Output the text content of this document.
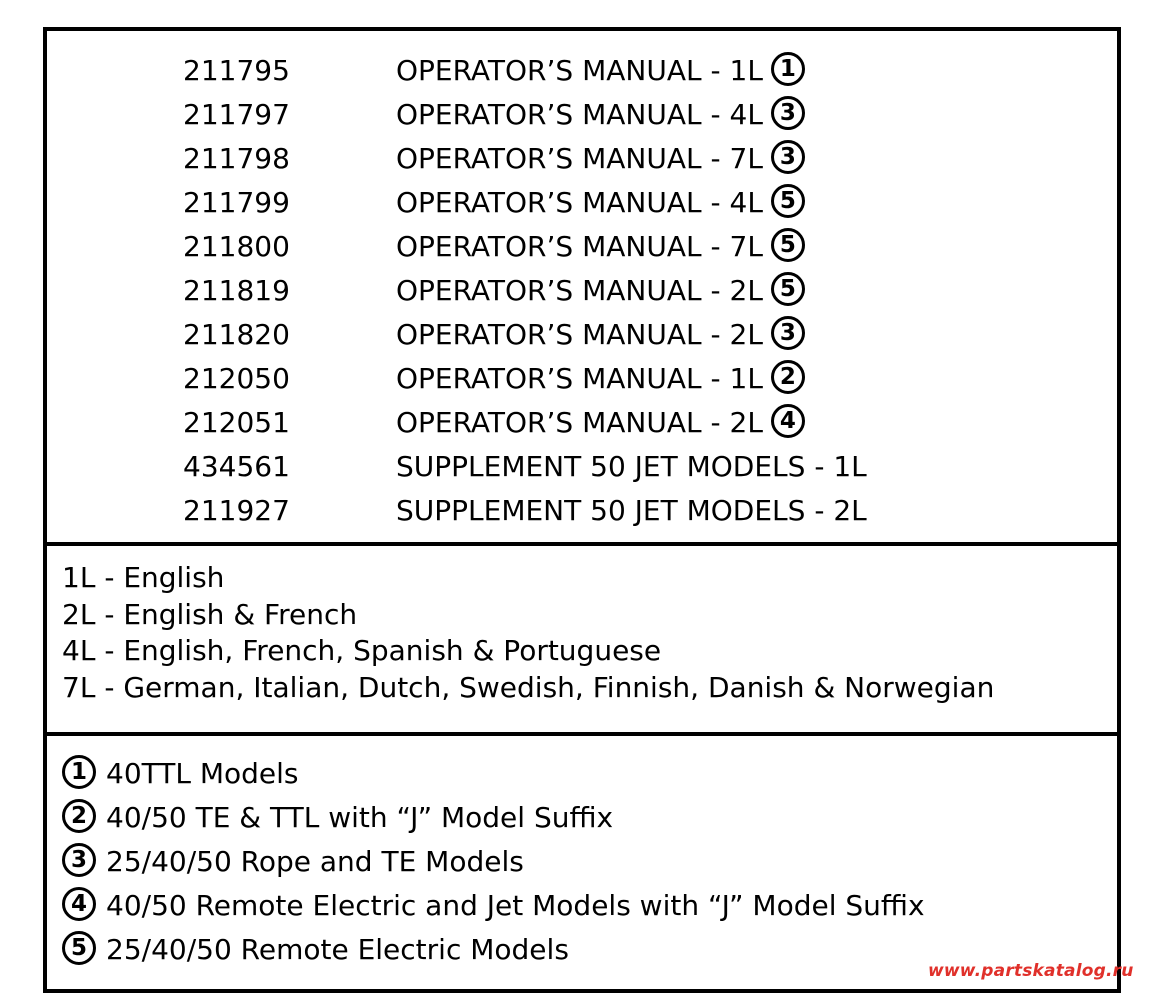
211795	OPERATOR’S MANUAL - 1L 1
211797	OPERATOR’S MANUAL - 4L 3
211798	OPERATOR’S MANUAL - 7L 3
211799	OPERATOR’S MANUAL - 4L 5
211800	OPERATOR’S MANUAL - 7L 5
211819	OPERATOR’S MANUAL - 2L 5
211820	OPERATOR’S MANUAL - 2L 3
212050	OPERATOR’S MANUAL - 1L 2
212051	OPERATOR’S MANUAL - 2L 4
434561	SUPPLEMENT 50 JET MODELS - 1L
211927	SUPPLEMENT 50 JET MODELS - 2L
1L - English
2L - English & French
4L - English, French, Spanish & Portuguese
7L - German, Italian, Dutch, Swedish, Finnish, Danish & Norwegian
1 40TTL Models
2 40/50 TE & TTL with “J” Model Suffix
3 25/40/50 Rope and TE Models
4 40/50 Remote Electric and Jet Models with “J” Model Suffix
5 25/40/50 Remote Electric Models
www.partskatalog.ru
